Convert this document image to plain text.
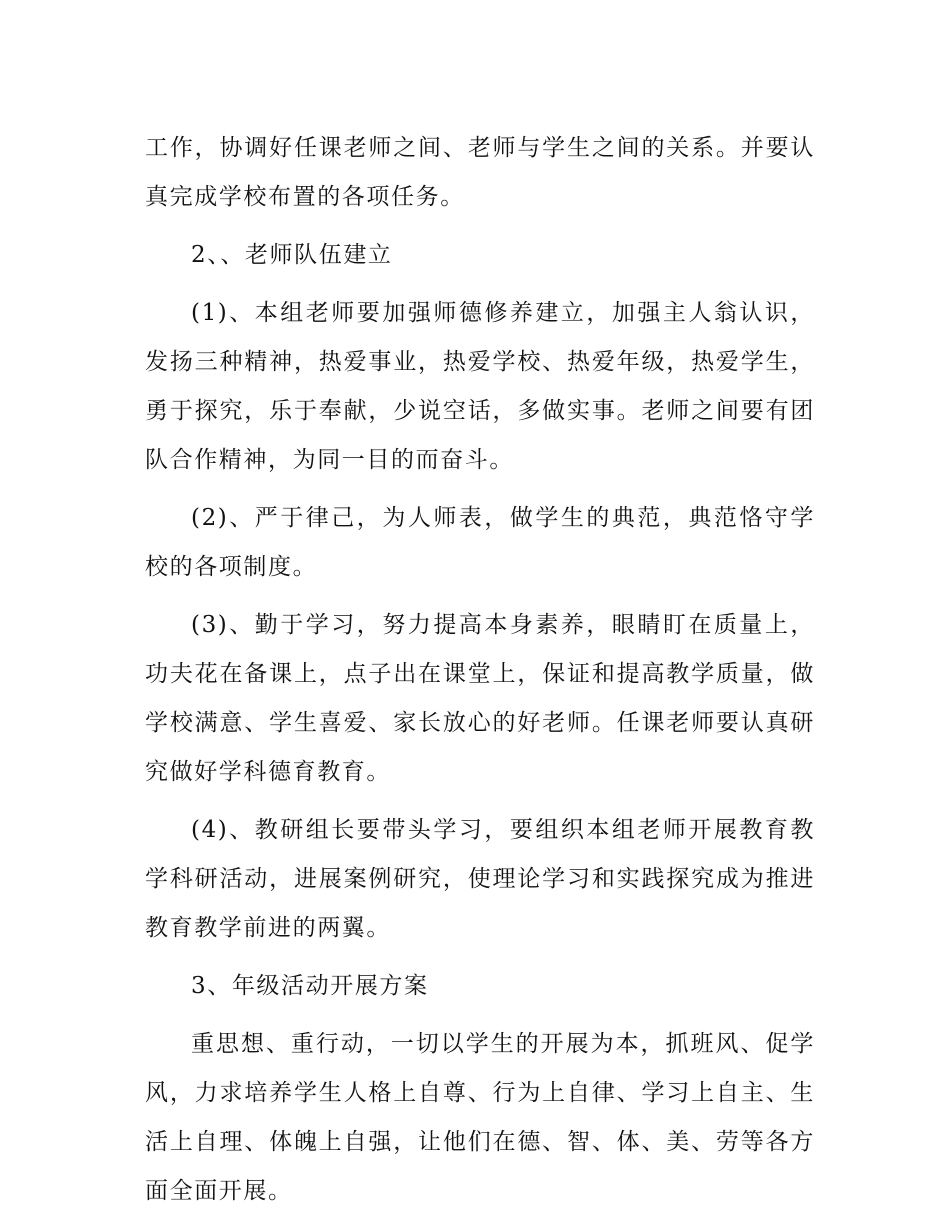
工作，协调好任课老师之间、老师与学生之间的关系。并要认真完成学校布置的各项任务。

2、、老师队伍建立

(1)、本组老师要加强师德修养建立，加强主人翁认识，发扬三种精神，热爱事业，热爱学校、热爱年级，热爱学生，勇于探究，乐于奉献，少说空话，多做实事。老师之间要有团队合作精神，为同一目的而奋斗。

(2)、严于律己，为人师表，做学生的典范，典范恪守学校的各项制度。

(3)、勤于学习，努力提高本身素养，眼睛盯在质量上，功夫花在备课上，点子出在课堂上，保证和提高教学质量，做学校满意、学生喜爱、家长放心的好老师。任课老师要认真研究做好学科德育教育。

(4)、教研组长要带头学习，要组织本组老师开展教育教学科研活动，进展案例研究，使理论学习和实践探究成为推进教育教学前进的两翼。

3、年级活动开展方案

重思想、重行动，一切以学生的开展为本，抓班风、促学风，力求培养学生人格上自尊、行为上自律、学习上自主、生活上自理、体魄上自强，让他们在德、智、体、美、劳等各方面全面开展。
